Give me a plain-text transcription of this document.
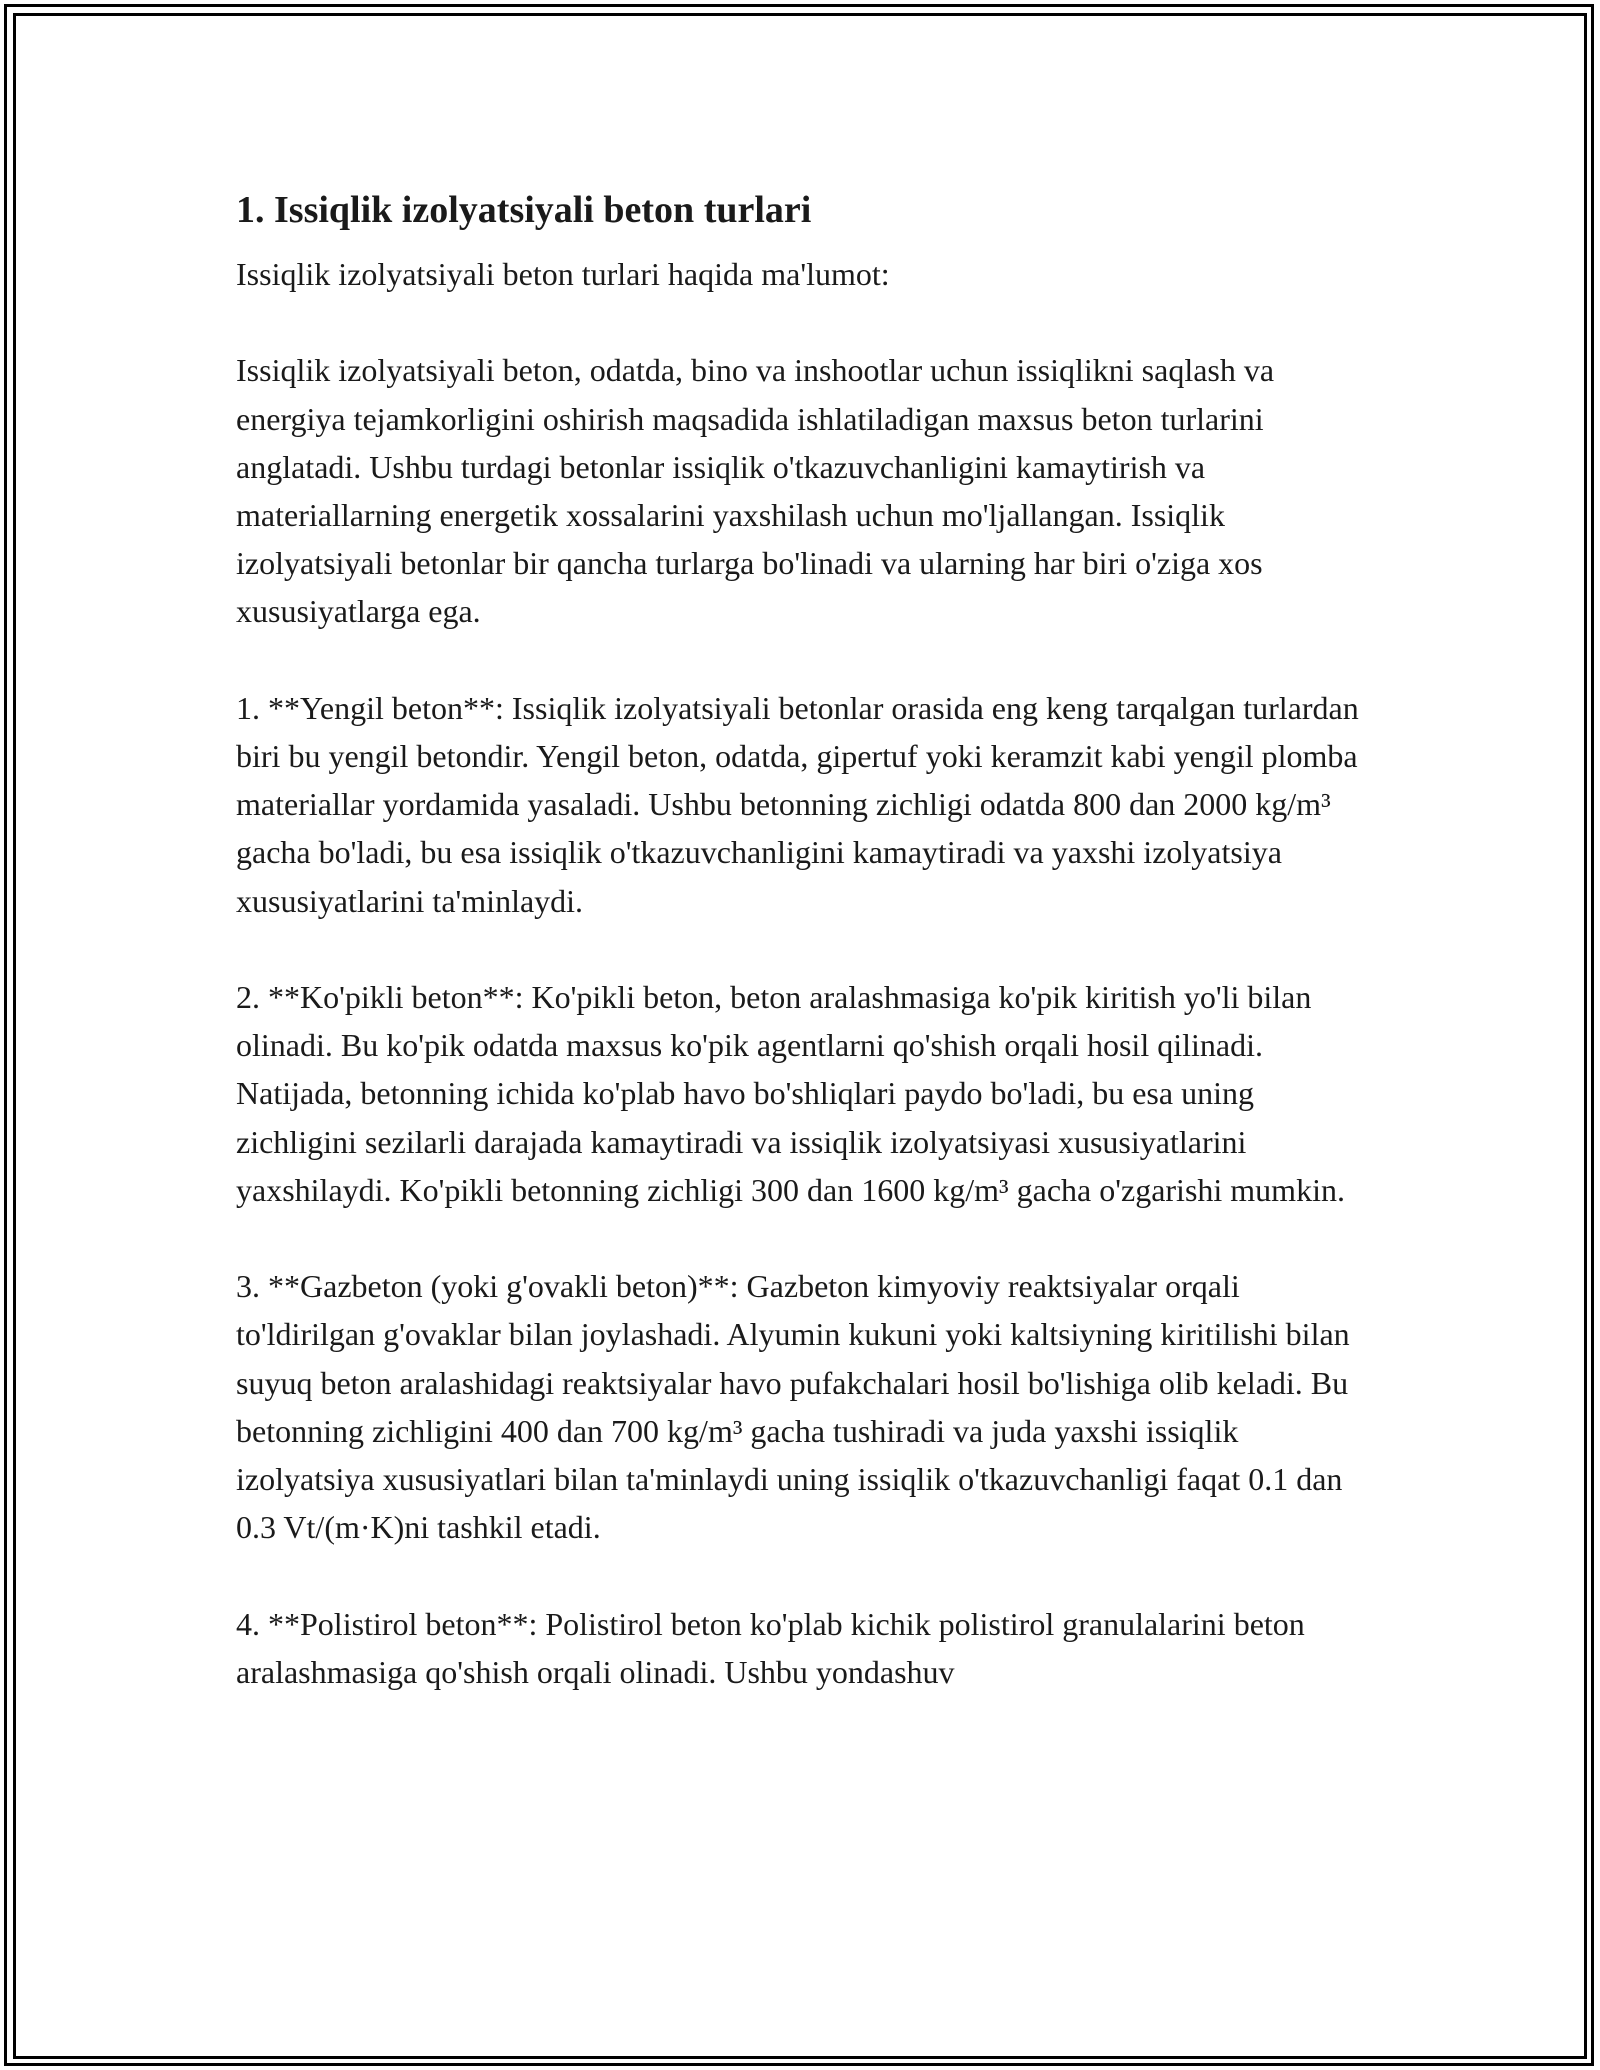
1. Issiqlik izolyatsiyali beton turlari

Issiqlik izolyatsiyali beton turlari haqida ma'lumot:

Issiqlik izolyatsiyali beton, odatda, bino va inshootlar uchun issiqlikni saqlash va energiya tejamkorligini oshirish maqsadida ishlatiladigan maxsus beton turlarini anglatadi. Ushbu turdagi betonlar issiqlik o'tkazuvchanligini kamaytirish va materiallarning energetik xossalarini yaxshilash uchun mo'ljallangan. Issiqlik izolyatsiyali betonlar bir qancha turlarga bo'linadi va ularning har biri o'ziga xos xususiyatlarga ega.

1. **Yengil beton**: Issiqlik izolyatsiyali betonlar orasida eng keng tarqalgan turlardan biri bu yengil betondir. Yengil beton, odatda, gipertuf yoki keramzit kabi yengil plomba materiallar yordamida yasaladi. Ushbu betonning zichligi odatda 800 dan 2000 kg/m³ gacha bo'ladi, bu esa issiqlik o'tkazuvchanligini kamaytiradi va yaxshi izolyatsiya xususiyatlarini ta'minlaydi.

2. **Ko'pikli beton**: Ko'pikli beton, beton aralashmasiga ko'pik kiritish yo'li bilan olinadi. Bu ko'pik odatda maxsus ko'pik agentlarni qo'shish orqali hosil qilinadi. Natijada, betonning ichida ko'plab havo bo'shliqlari paydo bo'ladi, bu esa uning zichligini sezilarli darajada kamaytiradi va issiqlik izolyatsiyasi xususiyatlarini yaxshilaydi. Ko'pikli betonning zichligi 300 dan 1600 kg/m³ gacha o'zgarishi mumkin.

3. **Gazbeton (yoki g'ovakli beton)**: Gazbeton kimyoviy reaktsiyalar orqali to'ldirilgan g'ovaklar bilan joylashadi. Alyumin kukuni yoki kaltsiyning kiritilishi bilan suyuq beton aralashidagi reaktsiyalar havo pufakchalari hosil bo'lishiga olib keladi. Bu betonning zichligini 400 dan 700 kg/m³ gacha tushiradi va juda yaxshi issiqlik izolyatsiya xususiyatlari bilan ta'minlaydi uning issiqlik o'tkazuvchanligi faqat 0.1 dan 0.3 Vt/(m·K)ni tashkil etadi.

4. **Polistirol beton**: Polistirol beton ko'plab kichik polistirol granulalarini beton aralashmasiga qo'shish orqali olinadi. Ushbu yondashuv
